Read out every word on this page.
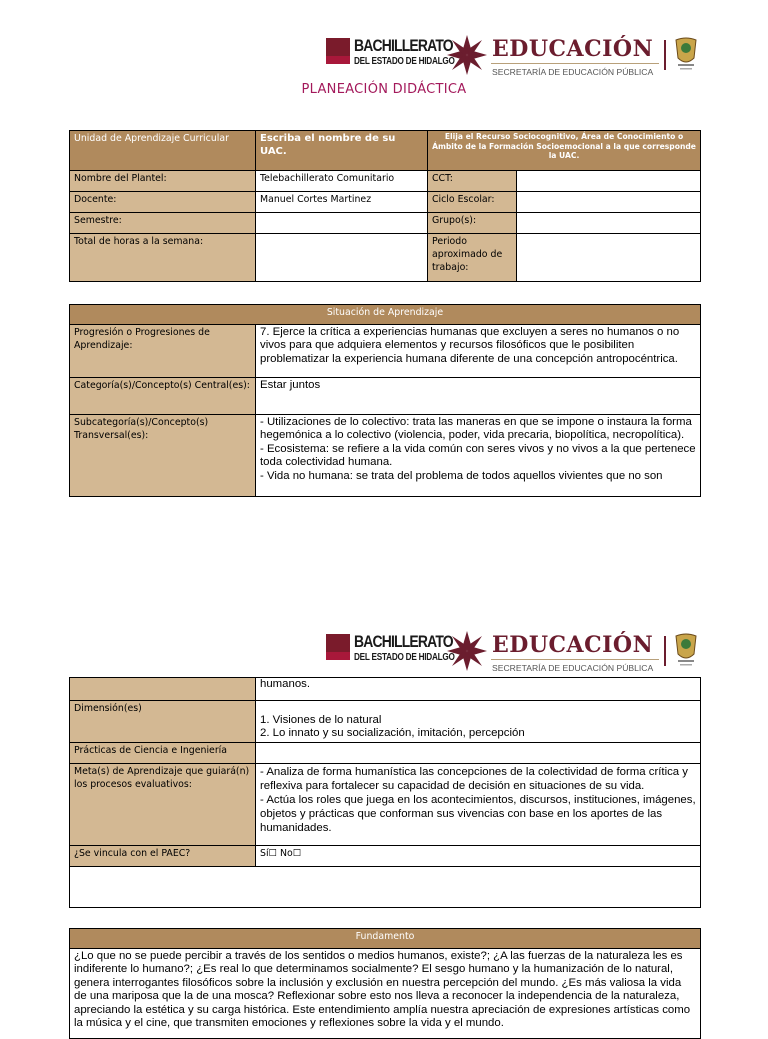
BACHILLERATO
DEL ESTADO DE HIDALGO EDUCACIÓN
SECRETARÍA DE EDUCACIÓN PÚBLICA
PLANEACIÓN DIDÁCTICA
Unidad de Aprendizaje Curricular	Escriba el nombre de su UAC.	Elija el Recurso Sociocognitivo, Área de Conocimiento o Ámbito de la Formación Socioemocional a la que corresponde la UAC.	
Nombre del Plantel:	Telebachillerato Comunitario	CCT:	
Docente:	Manuel Cortes Martinez	Ciclo Escolar:	
Semestre:		Grupo(s):	
Total de horas a la semana:		Periodo aproximado de trabajo:	
Situación de Aprendizaje	
Progresión o Progresiones de Aprendizaje:	7. Ejerce la crítica a experiencias humanas que excluyen a seres no humanos o no vivos para que adquiera elementos y recursos filosóficos que le posibiliten problematizar la experiencia humana diferente de una concepción antropocéntrica.
Categoría(s)/Concepto(s) Central(es):	Estar juntos
Subcategoría(s)/Concepto(s) Transversal(es):	- Utilizaciones de lo colectivo: trata las maneras en que se impone o instaura la forma hegemónica a lo colectivo (violencia, poder, vida precaria, biopolítica, necropolítica).
- Ecosistema: se refiere a la vida común con seres vivos y no vivos a la que pertenece toda colectividad humana.
- Vida no humana: se trata del problema de todos aquellos vivientes que no son
BACHILLERATO
DEL ESTADO DE HIDALGO EDUCACIÓN
SECRETARÍA DE EDUCACIÓN PÚBLICA
	humanos.
Dimensión(es)	1. Visiones de lo natural
2. Lo innato y su socialización, imitación, percepción

Prácticas de Ciencia e Ingeniería	
Meta(s) de Aprendizaje que guiará(n) los procesos evaluativos:	- Analiza de forma humanística las concepciones de la colectividad de forma crítica y reflexiva para fortalecer su capacidad de decisión en situaciones de su vida.
- Actúa los roles que juega en los acontecimientos, discursos, instituciones, imágenes, objetos y prácticas que conforman sus vivencias con base en los aportes de las humanidades.

¿Se vincula con el PAEC?	Sí☐ No☐

Fundamento

¿Lo que no se puede percibir a través de los sentidos o medios humanos, existe?; ¿A las fuerzas de la naturaleza les es indiferente lo humano?; ¿Es real lo que determinamos socialmente? El sesgo humano y la humanización de lo natural, genera interrogantes filosóficos sobre la inclusión y exclusión en nuestra percepción del mundo. ¿Es más valiosa la vida de una mariposa que la de una mosca? Reflexionar sobre esto nos lleva a reconocer la independencia de la naturaleza, apreciando la estética y su carga histórica. Este entendimiento amplía nuestra apreciación de expresiones artísticas como la música y el cine, que transmiten emociones y reflexiones sobre la vida y el mundo.
